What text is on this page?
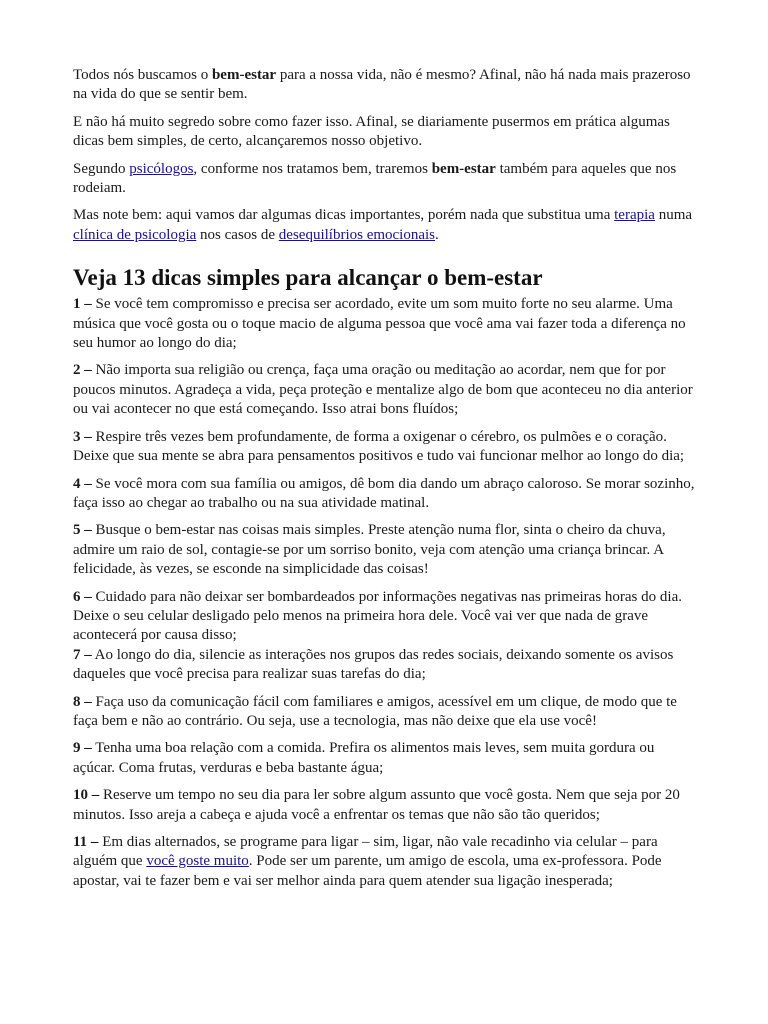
Todos nós buscamos o bem-estar para a nossa vida, não é mesmo? Afinal, não há nada mais prazeroso na vida do que se sentir bem.

E não há muito segredo sobre como fazer isso. Afinal, se diariamente pusermos em prática algumas dicas bem simples, de certo, alcançaremos nosso objetivo.

Segundo psicólogos, conforme nos tratamos bem, traremos bem-estar também para aqueles que nos rodeiam.

Mas note bem: aqui vamos dar algumas dicas importantes, porém nada que substitua uma terapia numa clínica de psicologia nos casos de desequilíbrios emocionais.

Veja 13 dicas simples para alcançar o bem-estar

1 – Se você tem compromisso e precisa ser acordado, evite um som muito forte no seu alarme. Uma música que você gosta ou o toque macio de alguma pessoa que você ama vai fazer toda a diferença no seu humor ao longo do dia;

2 – Não importa sua religião ou crença, faça uma oração ou meditação ao acordar, nem que for por poucos minutos. Agradeça a vida, peça proteção e mentalize algo de bom que aconteceu no dia anterior ou vai acontecer no que está começando. Isso atrai bons fluídos;

3 – Respire três vezes bem profundamente, de forma a oxigenar o cérebro, os pulmões e o coração. Deixe que sua mente se abra para pensamentos positivos e tudo vai funcionar melhor ao longo do dia;

4 – Se você mora com sua família ou amigos, dê bom dia dando um abraço caloroso. Se morar sozinho, faça isso ao chegar ao trabalho ou na sua atividade matinal.

5 – Busque o bem-estar nas coisas mais simples. Preste atenção numa flor, sinta o cheiro da chuva, admire um raio de sol, contagie-se por um sorriso bonito, veja com atenção uma criança brincar. A felicidade, às vezes, se esconde na simplicidade das coisas!

6 – Cuidado para não deixar ser bombardeados por informações negativas nas primeiras horas do dia. Deixe o seu celular desligado pelo menos na primeira hora dele. Você vai ver que nada de grave acontecerá por causa disso;

7 – Ao longo do dia, silencie as interações nos grupos das redes sociais, deixando somente os avisos daqueles que você precisa para realizar suas tarefas do dia;

8 – Faça uso da comunicação fácil com familiares e amigos, acessível em um clique, de modo que te faça bem e não ao contrário. Ou seja, use a tecnologia, mas não deixe que ela use você!

9 – Tenha uma boa relação com a comida. Prefira os alimentos mais leves, sem muita gordura ou açúcar. Coma frutas, verduras e beba bastante água;

10 – Reserve um tempo no seu dia para ler sobre algum assunto que você gosta. Nem que seja por 20 minutos. Isso areja a cabeça e ajuda você a enfrentar os temas que não são tão queridos;

11 – Em dias alternados, se programe para ligar – sim, ligar, não vale recadinho via celular – para alguém que você goste muito. Pode ser um parente, um amigo de escola, uma ex-professora. Pode apostar, vai te fazer bem e vai ser melhor ainda para quem atender sua ligação inesperada;
